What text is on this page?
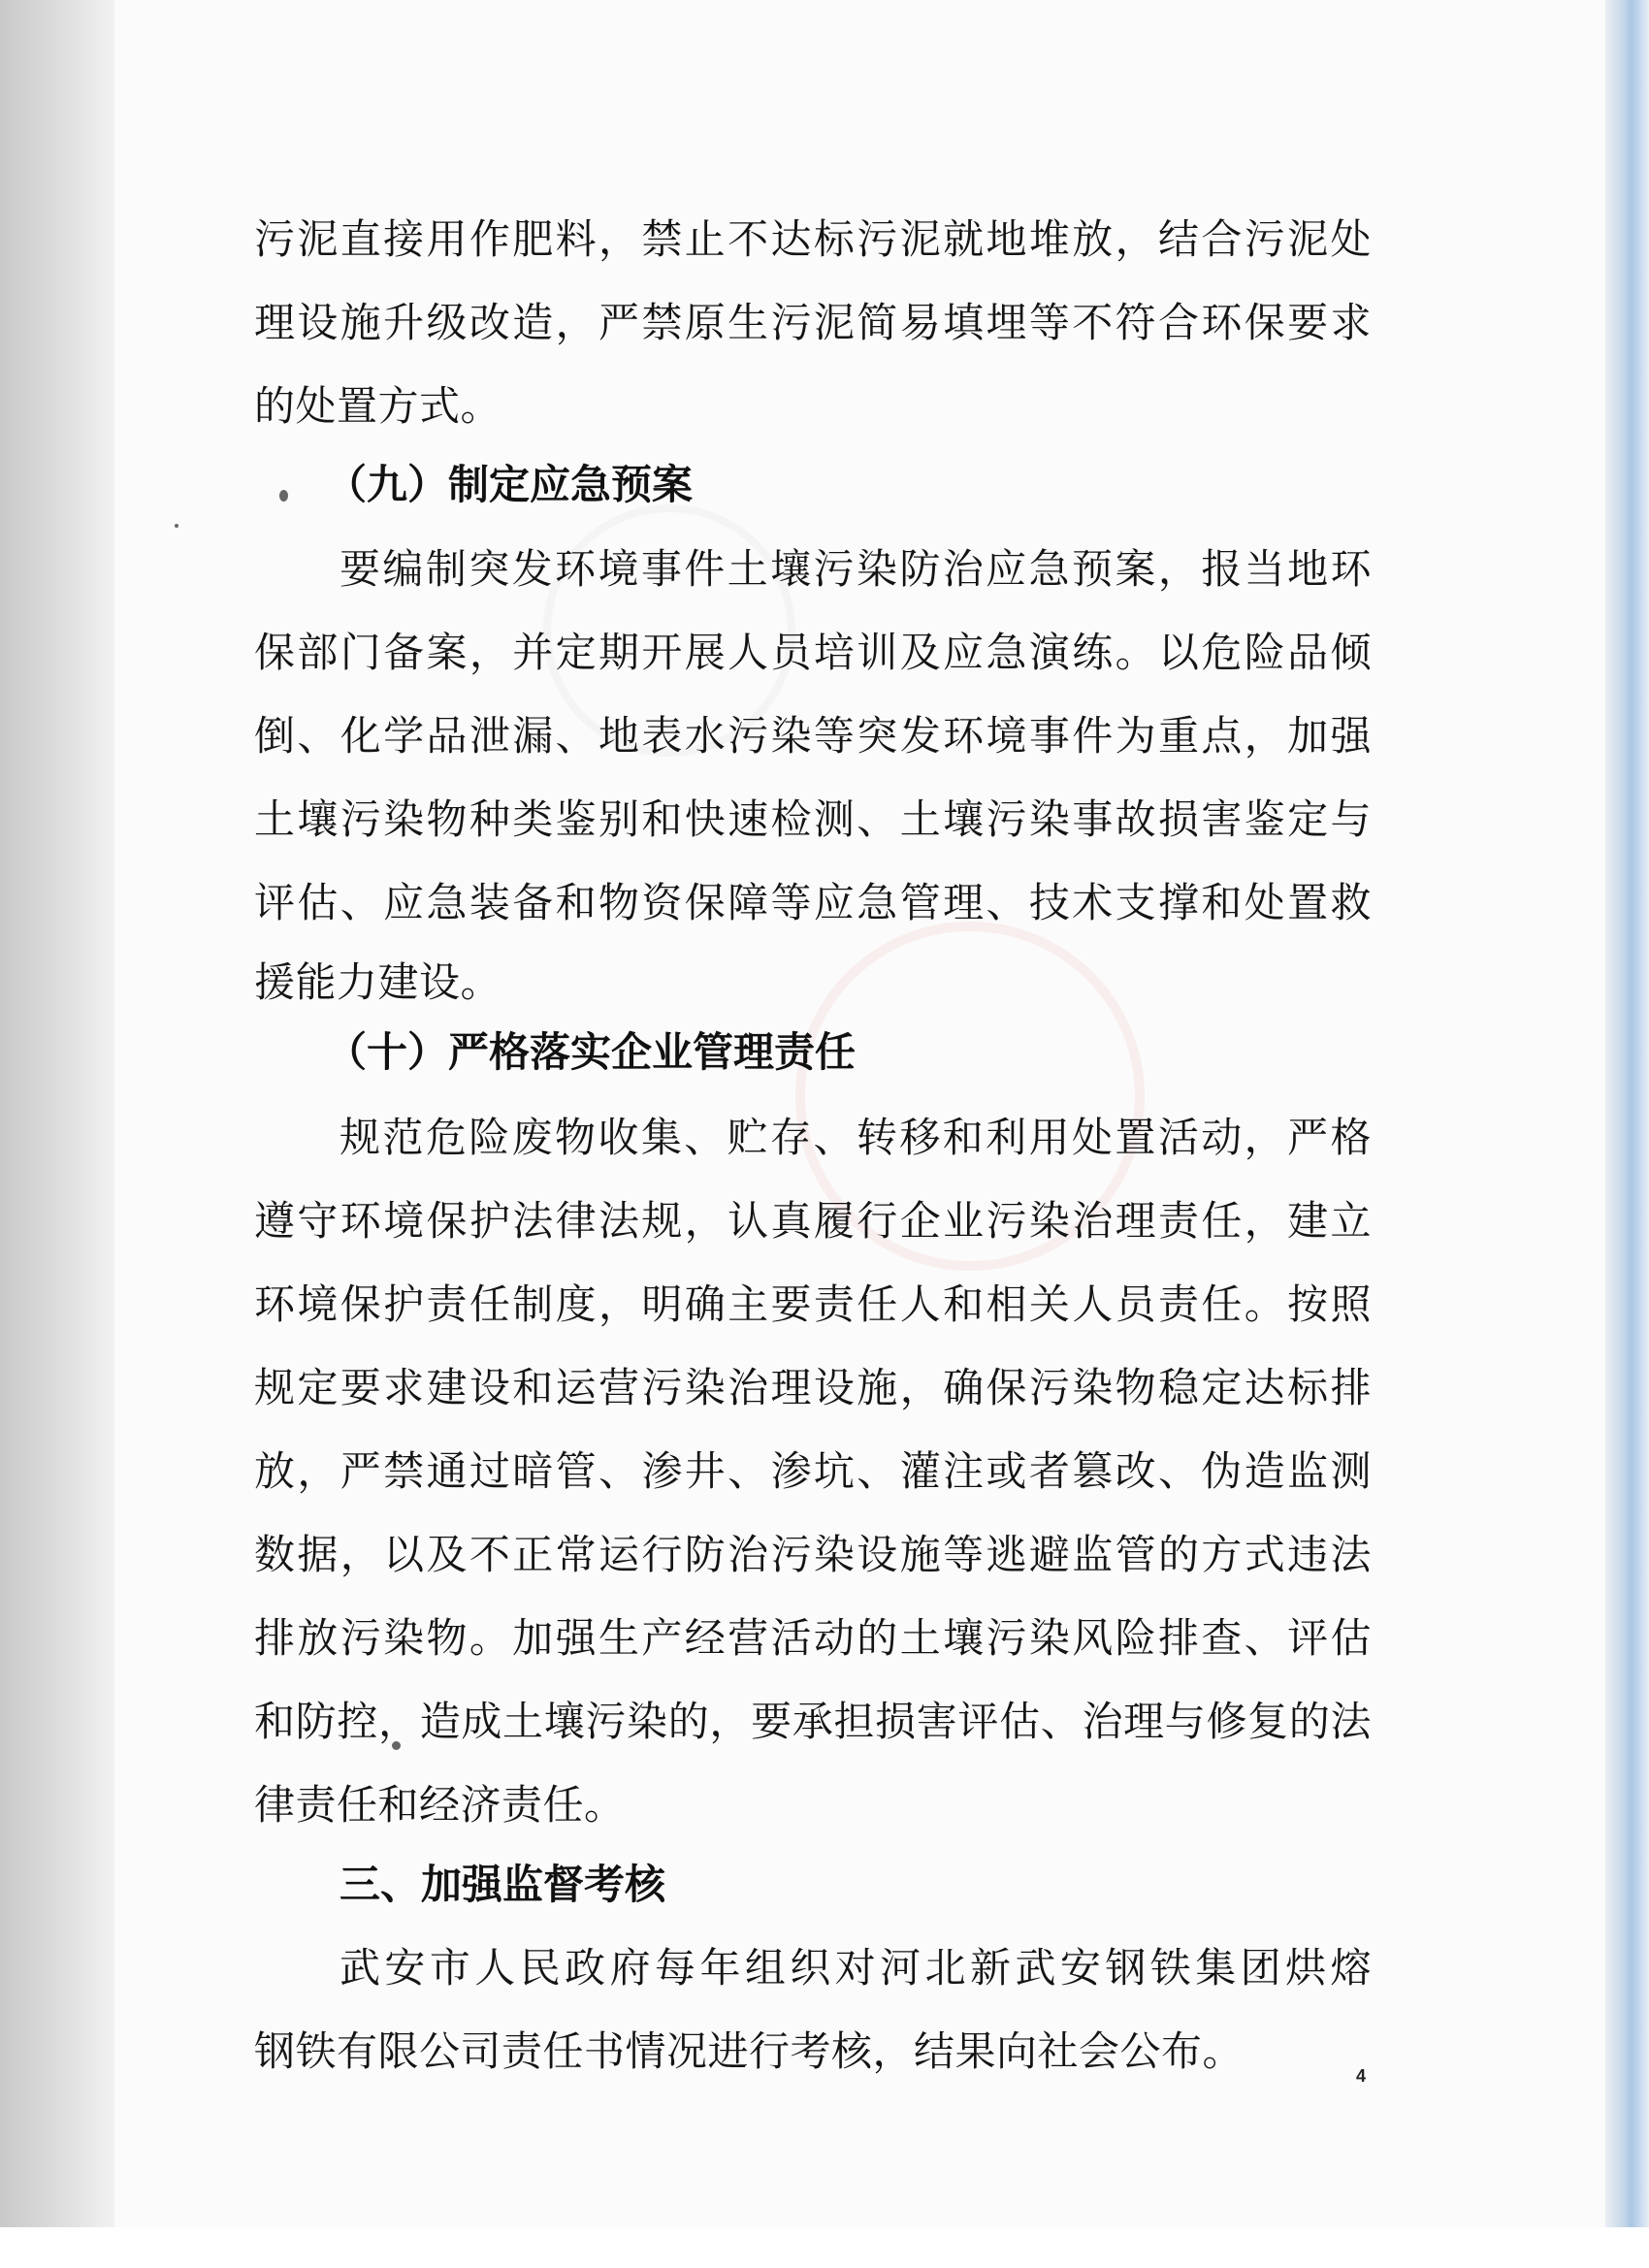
污泥直接用作肥料，禁止不达标污泥就地堆放，结合污泥处

理设施升级改造，严禁原生污泥简易填埋等不符合环保要求

的处置方式。

（九）制定应急预案

要编制突发环境事件土壤污染防治应急预案，报当地环

保部门备案，并定期开展人员培训及应急演练。以危险品倾

倒、化学品泄漏、地表水污染等突发环境事件为重点，加强

土壤污染物种类鉴别和快速检测、土壤污染事故损害鉴定与

评估、应急装备和物资保障等应急管理、技术支撑和处置救

援能力建设。

（十）严格落实企业管理责任

规范危险废物收集、贮存、转移和利用处置活动，严格

遵守环境保护法律法规，认真履行企业污染治理责任，建立

环境保护责任制度，明确主要责任人和相关人员责任。按照

规定要求建设和运营污染治理设施，确保污染物稳定达标排

放，严禁通过暗管、渗井、渗坑、灌注或者篡改、伪造监测

数据，以及不正常运行防治污染设施等逃避监管的方式违法

排放污染物。加强生产经营活动的土壤污染风险排查、评估

和防控，造成土壤污染的，要承担损害评估、治理与修复的法

律责任和经济责任。

三、加强监督考核

武安市人民政府每年组织对河北新武安钢铁集团烘熔

钢铁有限公司责任书情况进行考核，结果向社会公布。

4
